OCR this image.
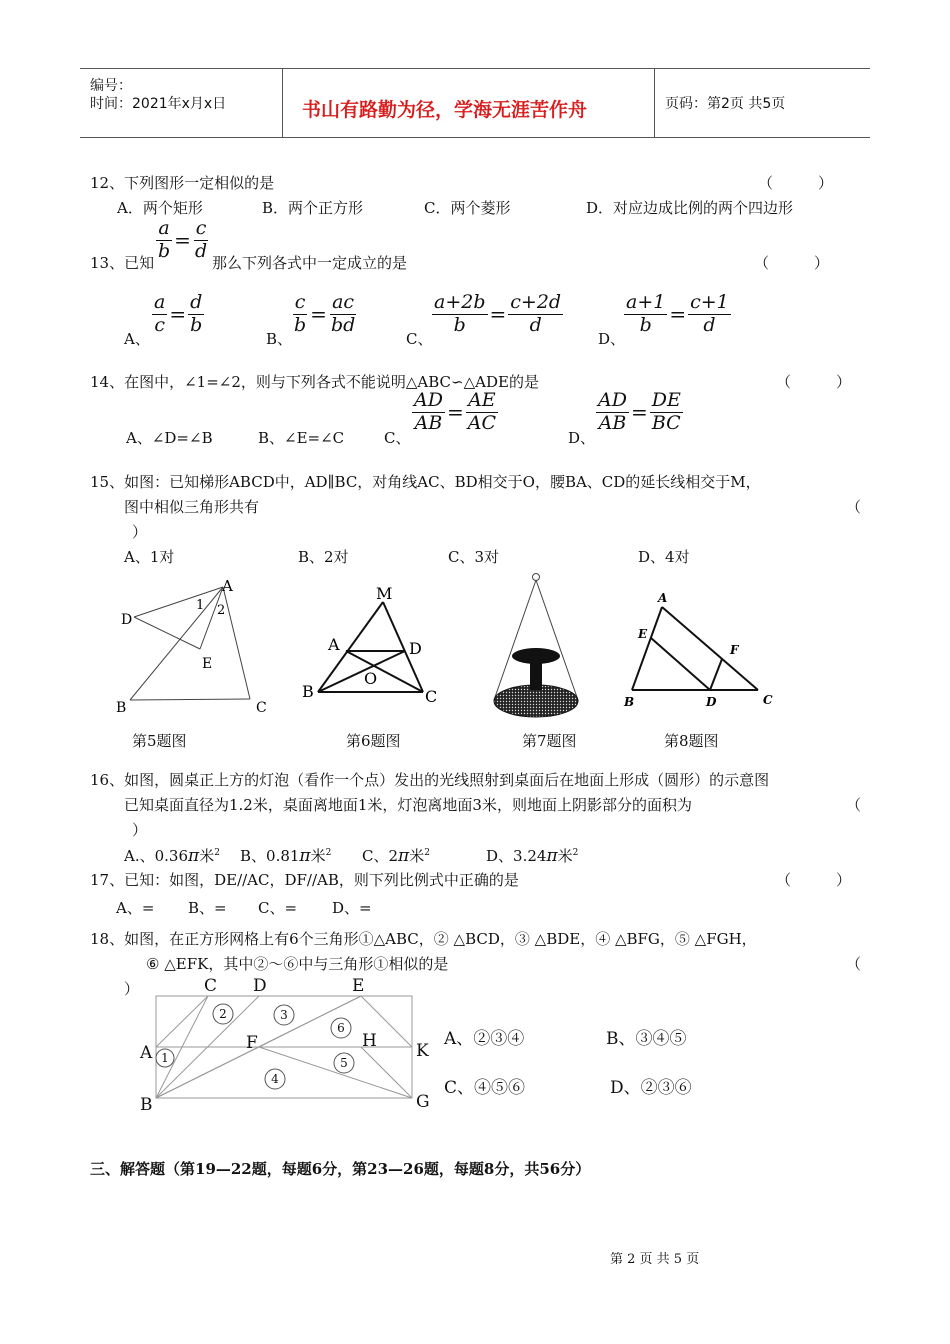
编号：
时间：2021年x月x日	书山有路勤为径，学海无涯苦作舟	页码：第2页 共5页
12、下列图形一定相似的是	（　　　）
A．两个矩形	B．两个正方形	C．两个菱形	D．对应边成比例的两个四边形
13、已知
$\frac{a}{b} = \frac{c}{d}$
那么下列各式中一定成立的是	（　　　）
A、
$\frac{a}{c} = \frac{d}{b}$
B、
$\frac{c}{b} = \frac{ac}{bd}$
C、
$\frac{a+2b}{b} = \frac{c+2d}{d}$
D、
$\frac{a+1}{b} = \frac{c+1}{d}$
14、在图中，∠1=∠2，则与下列各式不能说明△ABC∽△ADE的是	（　　　）
A、∠D=∠B	B、∠E=∠C	C、
$\frac{AD}{AB} = \frac{AE}{AC}$
D、
$\frac{AD}{AB} = \frac{DE}{BC}$
15、如图：已知梯形ABCD中，AD∥BC，对角线AC、BD相交于O，腰BA、CD的延长线相交于M，
图中相似三角形共有	（
）
A、1对	B、2对	C、3对	D、4对
A
1 2
D
E
B	C
第5题图
M
A	D
O
B	C
第6题图	第7题图
A
E
F
B	D	C
第8题图
16、如图，圆桌正上方的灯泡（看作一个点）发出的光线照射到桌面后在地面上形成（圆形）的示意图
已知桌面直径为1.2米，桌面离地面1米，灯泡离地面3米，则地面上阴影部分的面积为	（
）
A.、0.36π米$^2$ B、0.81π米$^2$ C、2π米$^2$	D、3.24π米$^2$
17、已知：如图，DE//AC，DF//AB，则下列比例式中正确的是	（　　　）
A、= B、= C、= D、=
18、如图，在正方形网格上有6个三角形①△ABC，② △BCD，③ △BDE，④ △BFG，⑤ △FGH，
⑥ △EFK，其中②～⑥中与三角形①相似的是	（
）	C D	E
A	F	H K
B	G
1
2	3
6
5
4
A、②③④	B、③④⑤
C、④⑤⑥	D、②③⑥
三、解答题（第19—22题，每题6分，第23—26题，每题8分，共56分）
第 2 页 共 5 页
